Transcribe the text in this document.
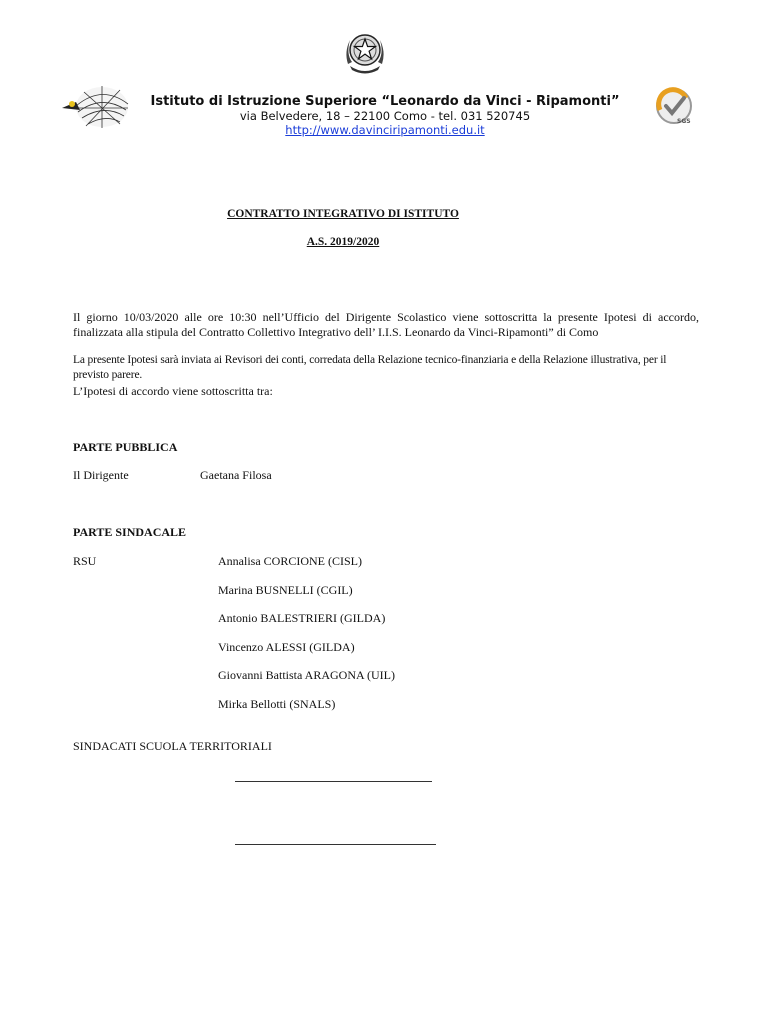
SGS
Istituto di Istruzione Superiore “Leonardo da Vinci - Ripamonti”
via Belvedere, 18 – 22100 Como - tel. 031 520745
http://www.davinciripamonti.edu.it
CONTRATTO INTEGRATIVO DI ISTITUTO
A.S. 2019/2020
Il giorno 10/03/2020 alle ore 10:30 nell’Ufficio del Dirigente Scolastico viene sottoscritta la presente Ipotesi di accordo, finalizzata alla stipula del Contratto Collettivo Integrativo dell’ I.I.S. Leonardo da Vinci-Ripamonti” di Como
La presente Ipotesi sarà inviata ai Revisori dei conti, corredata della Relazione tecnico-finanziaria e della Relazione illustrativa, per il previsto parere.
L’Ipotesi di accordo viene sottoscritta tra:
PARTE PUBBLICA
Il Dirigente	Gaetana Filosa
PARTE SINDACALE
RSU	Annalisa CORCIONE (CISL)
Marina BUSNELLI (CGIL)
Antonio BALESTRIERI (GILDA)
Vincenzo ALESSI (GILDA)
Giovanni Battista ARAGONA (UIL)
Mirka Bellotti (SNALS)
SINDACATI SCUOLA TERRITORIALI
